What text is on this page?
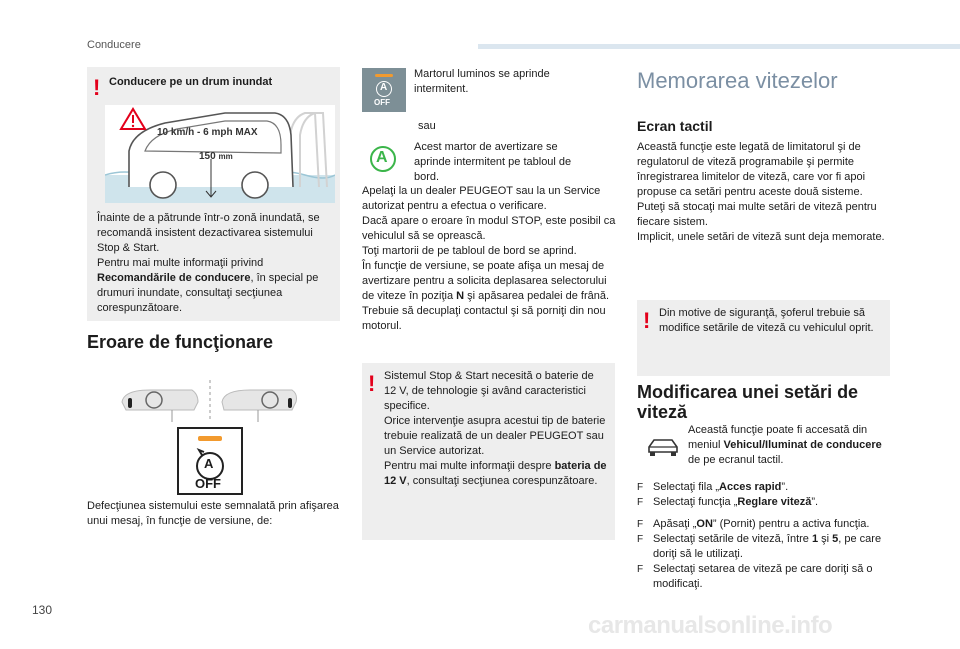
Conducere
! Conducere pe un drum inundat
10 km/h - 6 mph MAX
150 mm

Înainte de a pătrunde într-o zonă inundată, se recomandă insistent dezactivarea sistemului Stop & Start.

Pentru mai multe informaţii privind Recomandările de conducere, în special pe drumuri inundate, consultaţi secţiunea corespunzătoare.

Eroare de funcţionare
A
OFF
Defecţiunea sistemului este semnalată prin afişarea unui mesaj, în funcţie de versiune, de:
A
OFF
Martorul luminos se aprinde intermitent.
sau
A
Acest martor de avertizare se aprinde intermitent pe tabloul de bord.

Apelaţi la un dealer PEUGEOT sau la un Service autorizat pentru a efectua o verificare.

Dacă apare o eroare în modul STOP, este posibil ca vehiculul să se oprească.

Toţi martorii de pe tabloul de bord se aprind.

În funcţie de versiune, se poate afişa un mesaj de avertizare pentru a solicita deplasarea selectorului de viteze în poziţia N şi apăsarea pedalei de frână.

Trebuie să decuplaţi contactul şi să porniţi din nou motorul.

! Sistemul Stop & Start necesită o baterie de 12 V, de tehnologie şi având caracteristici specifice.

Orice intervenţie asupra acestui tip de baterie trebuie realizată de un dealer PEUGEOT sau un Service autorizat.

Pentru mai multe informaţii despre bateria de 12 V, consultaţi secţiunea corespunzătoare.

Memorarea vitezelor
Ecran tactil

Această funcţie este legată de limitatorul şi de regulatorul de viteză programabile şi permite înregistrarea limitelor de viteză, care vor fi apoi propuse ca setări pentru aceste două sisteme.

Puteţi să stocaţi mai multe setări de viteză pentru fiecare sistem.

Implicit, unele setări de viteză sunt deja memorate.

! Din motive de siguranţă, şoferul trebuie să modifice setările de viteză cu vehiculul oprit.
Modificarea unei setări de
viteză
Această funcţie poate fi accesată din meniul Vehicul/Iluminat de conducere de pe ecranul tactil.
F Selectaţi fila „Acces rapid”.
F Selectaţi funcţia „Reglare viteză”.
F Apăsaţi „ON” (Pornit) pentru a activa funcţia.
F Selectaţi setările de viteză, între 1 şi 5, pe care doriţi să le utilizaţi.
F Selectaţi setarea de viteză pe care doriţi să o modificaţi.
130
carmanualsonline.info
